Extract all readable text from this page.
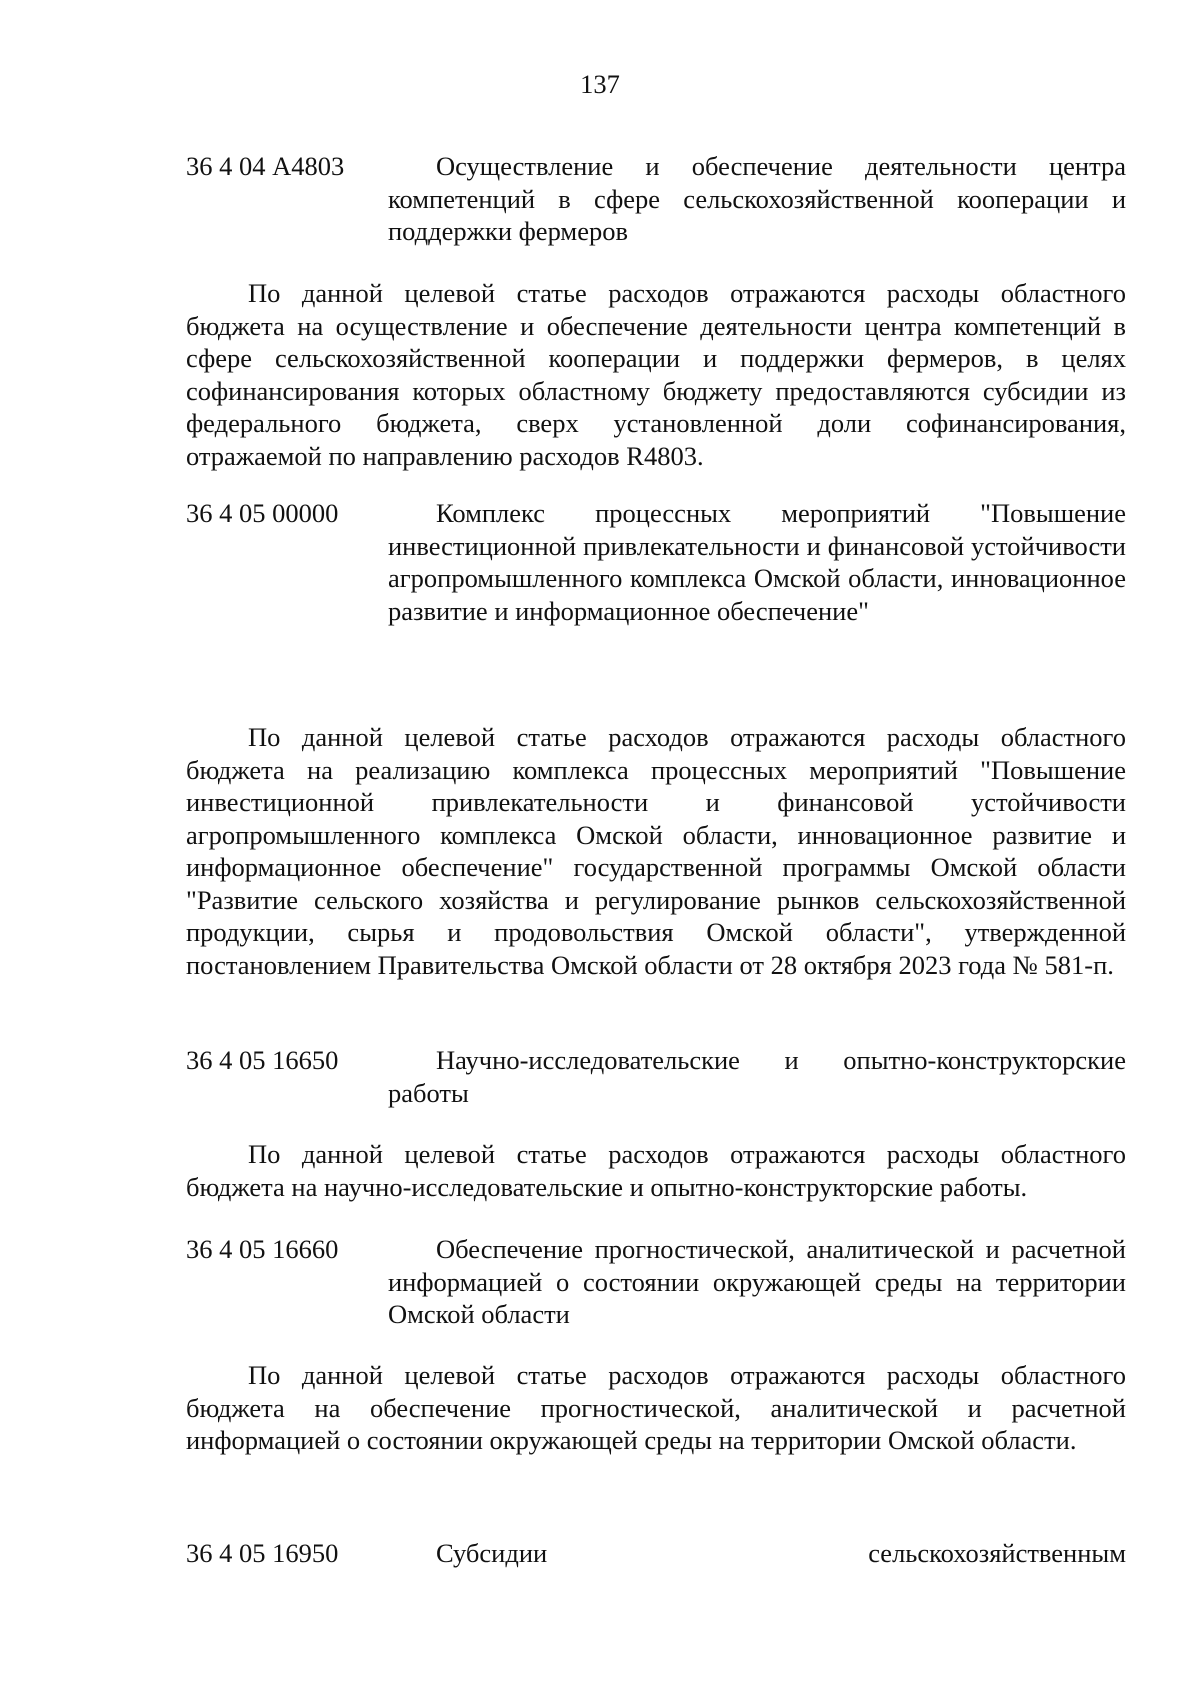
137
36 4 04 А4803	Осуществление и обеспечение деятельности центра компетенций в сфере сельскохозяйственной кооперации и поддержки фермеров
По данной целевой статье расходов отражаются расходы областного бюджета на осуществление и обеспечение деятельности центра компетенций в сфере сельскохозяйственной кооперации и поддержки фермеров, в целях софинансирования которых областному бюджету предоставляются субсидии из федерального бюджета, сверх установленной доли софинансирования, отражаемой по направлению расходов R4803.
36 4 05 00000	Комплекс процессных мероприятий "Повышение инвестиционной привлекательности и финансовой устойчивости агропромышленного комплекса Омской области, инновационное развитие и информационное обеспечение"
По данной целевой статье расходов отражаются расходы областного бюджета на реализацию комплекса процессных мероприятий "Повышение инвестиционной привлекательности и финансовой устойчивости агропромышленного комплекса Омской области, инновационное развитие и информационное обеспечение" государственной программы Омской области "Развитие сельского хозяйства и регулирование рынков сельскохозяйственной продукции, сырья и продовольствия Омской области", утвержденной постановлением Правительства Омской области от 28 октября 2023 года № 581-п.
36 4 05 16650	Научно-исследовательские и опытно-конструкторские работы
По данной целевой статье расходов отражаются расходы областного бюджета на научно-исследовательские и опытно-конструкторские работы.
36 4 05 16660	Обеспечение прогностической, аналитической и расчетной информацией о состоянии окружающей среды на территории Омской области
По данной целевой статье расходов отражаются расходы областного бюджета на обеспечение прогностической, аналитической и расчетной информацией о состоянии окружающей среды на территории Омской области.
36 4 05 16950	Субсидии	сельскохозяйственным
